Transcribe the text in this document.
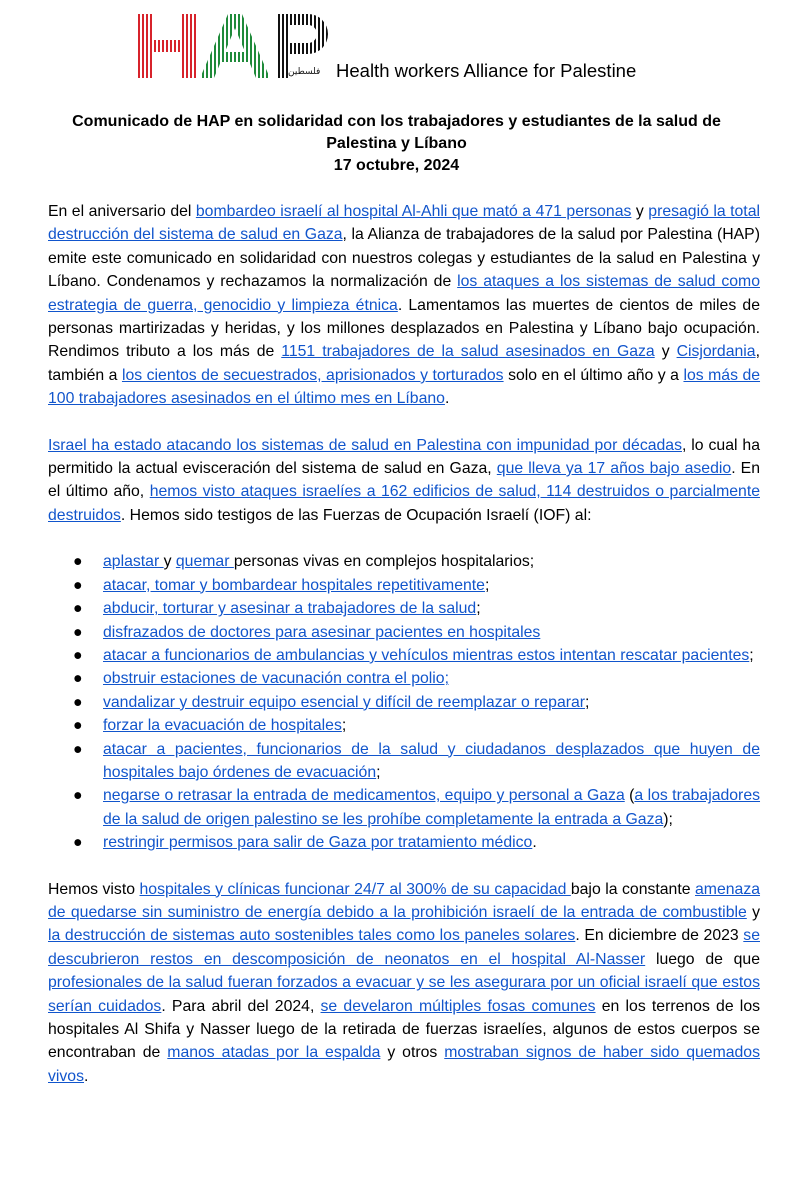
فلسطين Health workers Alliance for Palestine
Comunicado de HAP en solidaridad con los trabajadores y estudiantes de la salud de
Palestina y Líbano
17 octubre, 2024

En el aniversario del bombardeo israelí al hospital Al-Ahli que mató a 471 personas y presagió la total destrucción del sistema de salud en Gaza, la Alianza de trabajadores de la salud por Palestina (HAP) emite este comunicado en solidaridad con nuestros colegas y estudiantes de la salud en Palestina y Líbano. Condenamos y rechazamos la normalización de los ataques a los sistemas de salud como estrategia de guerra, genocidio y limpieza étnica. Lamentamos las muertes de cientos de miles de personas martirizadas y heridas, y los millones desplazados en Palestina y Líbano bajo ocupación. Rendimos tributo a los más de 1151 trabajadores de la salud asesinados en Gaza y Cisjordania, también a los cientos de secuestrados, aprisionados y torturados solo en el último año y a los más de 100 trabajadores asesinados en el último mes en Líbano.

Israel ha estado atacando los sistemas de salud en Palestina con impunidad por décadas, lo cual ha permitido la actual evisceración del sistema de salud en Gaza, que lleva ya 17 años bajo asedio. En el último año, hemos visto ataques israelíes a 162 edificios de salud, 114 destruidos o parcialmente destruidos. Hemos sido testigos de las Fuerzas de Ocupación Israelí (IOF) al:

● aplastar y quemar personas vivas en complejos hospitalarios;
● atacar, tomar y bombardear hospitales repetitivamente;
● abducir, torturar y asesinar a trabajadores de la salud;
● disfrazados de doctores para asesinar pacientes en hospitales
● atacar a funcionarios de ambulancias y vehículos mientras estos intentan rescatar pacientes;
● obstruir estaciones de vacunación contra el polio;
● vandalizar y destruir equipo esencial y difícil de reemplazar o reparar;
● forzar la evacuación de hospitales;
● atacar a pacientes, funcionarios de la salud y ciudadanos desplazados que huyen de hospitales bajo órdenes de evacuación;
● negarse o retrasar la entrada de medicamentos, equipo y personal a Gaza (a los trabajadores de la salud de origen palestino se les prohíbe completamente la entrada a Gaza);
● restringir permisos para salir de Gaza por tratamiento médico.

Hemos visto hospitales y clínicas funcionar 24/7 al 300% de su capacidad bajo la constante amenaza de quedarse sin suministro de energía debido a la prohibición israelí de la entrada de combustible y la destrucción de sistemas auto sostenibles tales como los paneles solares. En diciembre de 2023 se descubrieron restos en descomposición de neonatos en el hospital Al-Nasser luego de que profesionales de la salud fueran forzados a evacuar y se les asegurara por un oficial israelí que estos serían cuidados. Para abril del 2024, se develaron múltiples fosas comunes en los terrenos de los hospitales Al Shifa y Nasser luego de la retirada de fuerzas israelíes, algunos de estos cuerpos se encontraban de manos atadas por la espalda y otros mostraban signos de haber sido quemados vivos.
